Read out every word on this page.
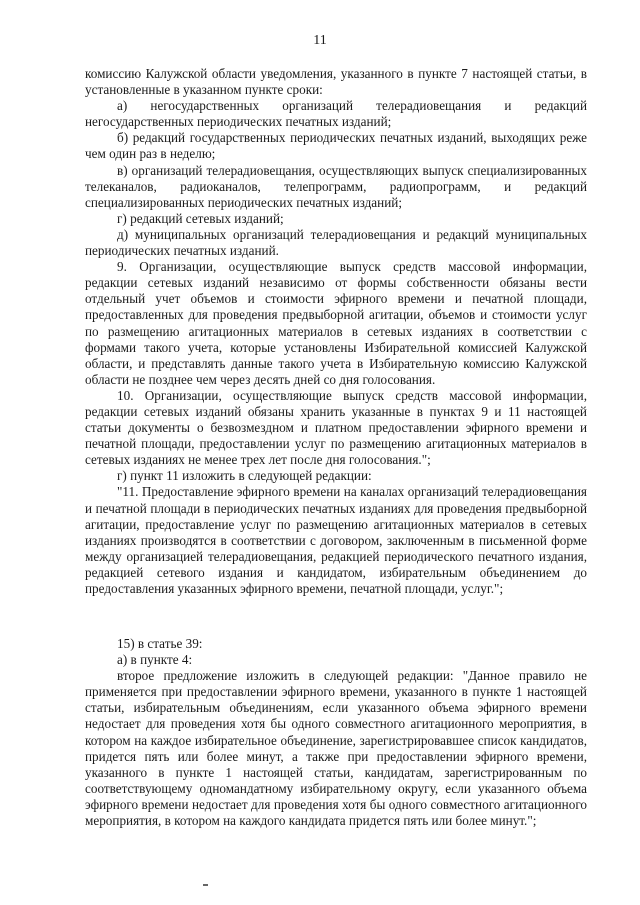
11

комиссию Калужской области уведомления, указанного в пункте 7 настоящей статьи, в установленные в указанном пункте сроки:

а) негосударственных организаций телерадиовещания и редакций негосударственных периодических печатных изданий;

б) редакций государственных периодических печатных изданий, выходящих реже чем один раз в неделю;

в) организаций телерадиовещания, осуществляющих выпуск специализированных телеканалов, радиоканалов, телепрограмм, радиопрограмм, и редакций специализированных периодических печатных изданий;

г) редакций сетевых изданий;

д) муниципальных организаций телерадиовещания и редакций муниципальных периодических печатных изданий.

9. Организации, осуществляющие выпуск средств массовой информации, редакции сетевых изданий независимо от формы собственности обязаны вести отдельный учет объемов и стоимости эфирного времени и печатной площади, предоставленных для проведения предвыборной агитации, объемов и стоимости услуг по размещению агитационных материалов в сетевых изданиях в соответствии с формами такого учета, которые установлены Избирательной комиссией Калужской области, и представлять данные такого учета в Избирательную комиссию Калужской области не позднее чем через десять дней со дня голосования.

10. Организации, осуществляющие выпуск средств массовой информации, редакции сетевых изданий обязаны хранить указанные в пунктах 9 и 11 настоящей статьи документы о безвозмездном и платном предоставлении эфирного времени и печатной площади, предоставлении услуг по размещению агитационных материалов в сетевых изданиях не менее трех лет после дня голосования.";

г) пункт 11 изложить в следующей редакции:

"11. Предоставление эфирного времени на каналах организаций телерадиовещания и печатной площади в периодических печатных изданиях для проведения предвыборной агитации, предоставление услуг по размещению агитационных материалов в сетевых изданиях производятся в соответствии с договором, заключенным в письменной форме между организацией телерадиовещания, редакцией периодического печатного издания, редакцией сетевого издания и кандидатом, избирательным объединением до предоставления указанных эфирного времени, печатной площади, услуг.";

15) в статье 39:

а) в пункте 4:

второе предложение изложить в следующей редакции: "Данное правило не применяется при предоставлении эфирного времени, указанного в пункте 1 настоящей статьи, избирательным объединениям, если указанного объема эфирного времени недостает для проведения хотя бы одного совместного агитационного мероприятия, в котором на каждое избирательное объединение, зарегистрировавшее список кандидатов, придется пять или более минут, а также при предоставлении эфирного времени, указанного в пункте 1 настоящей статьи, кандидатам, зарегистрированным по соответствующему одномандатному избирательному округу, если указанного объема эфирного времени недостает для проведения хотя бы одного совместного агитационного мероприятия, в котором на каждого кандидата придется пять или более минут.";
